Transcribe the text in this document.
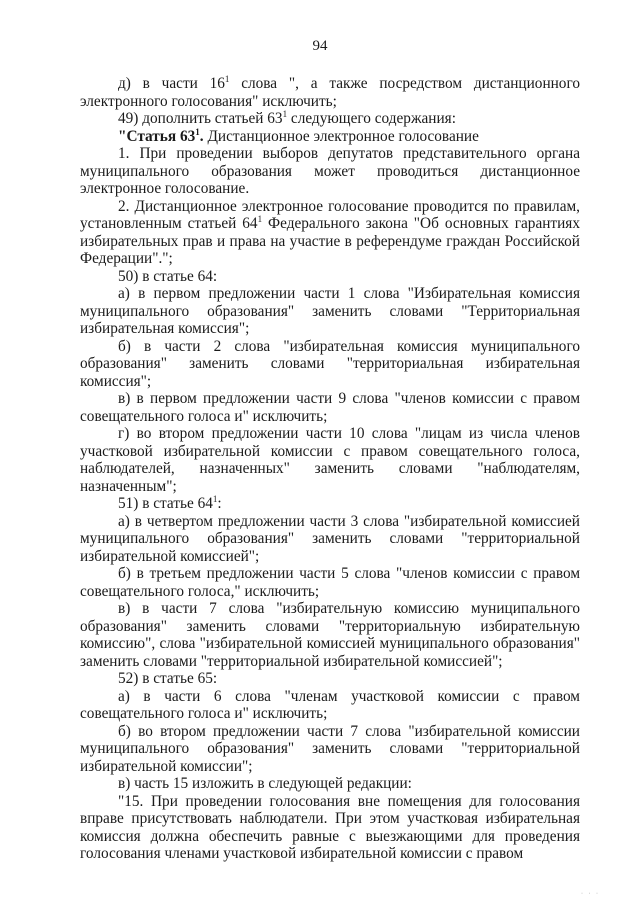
94

д) в части $16^1$ слова ", а также посредством дистанционного электронного голосования" исключить;

49) дополнить статьей $63^1$ следующего содержания:

"Статья $63^1$. Дистанционное электронное голосование

1. При проведении выборов депутатов представительного органа муниципального образования может проводиться дистанционное электронное голосование.

2. Дистанционное электронное голосование проводится по правилам, установленным статьей $64^1$ Федерального закона "Об основных гарантиях избирательных прав и права на участие в референдуме граждан Российской Федерации".";

50) в статье 64:

а) в первом предложении части 1 слова "Избирательная комиссия муниципального образования" заменить словами "Территориальная избирательная комиссия";

б) в части 2 слова "избирательная комиссия муниципального образования" заменить словами "территориальная избирательная комиссия";

в) в первом предложении части 9 слова "членов комиссии с правом совещательного голоса и" исключить;

г) во втором предложении части 10 слова "лицам из числа членов участковой избирательной комиссии с правом совещательного голоса, наблюдателей, назначенных" заменить словами "наблюдателям, назначенным";

51) в статье $64^1$:

а) в четвертом предложении части 3 слова "избирательной комиссией муниципального образования" заменить словами "территориальной избирательной комиссией";

б) в третьем предложении части 5 слова "членов комиссии с правом совещательного голоса," исключить;

в) в части 7 слова "избирательную комиссию муниципального образования" заменить словами "территориальную избирательную комиссию", слова "избирательной комиссией муниципального образования" заменить словами "территориальной избирательной комиссией";

52) в статье 65:

а) в части 6 слова "членам участковой комиссии с правом совещательного голоса и" исключить;

б) во втором предложении части 7 слова "избирательной комиссии муниципального образования" заменить словами "территориальной избирательной комиссии";

в) часть 15 изложить в следующей редакции:

"15. При проведении голосования вне помещения для голосования вправе присутствовать наблюдатели. При этом участковая избирательная комиссия должна обеспечить равные с выезжающими для проведения голосования членами участковой избирательной комиссии с правом

· · ·
